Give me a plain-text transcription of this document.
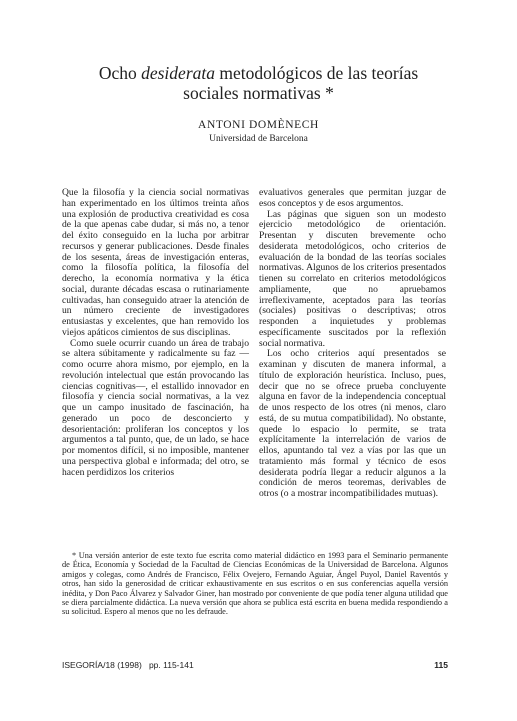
Ocho desiderata metodológicos de las teorías
sociales normativas *
ANTONI DOMÈNECH
Universidad de Barcelona

Que la filosofía y la ciencia social normativas han experimentado en los últimos treinta años una explosión de productiva creatividad es cosa de la que apenas cabe dudar, si más no, a tenor del éxito conseguido en la lucha por arbitrar recursos y generar publicaciones. Desde finales de los sesenta, áreas de investigación enteras, como la filosofía política, la filosofía del derecho, la economía normativa y la ética social, durante décadas escasa o rutinariamente cultivadas, han conseguido atraer la atención de un número creciente de investigadores entusiastas y excelentes, que han removido los viejos apáticos cimientos de sus disciplinas.

Como suele ocurrir cuando un área de trabajo se altera súbitamente y radicalmente su faz —como ocurre ahora mismo, por ejemplo, en la revolución intelectual que están provocando las ciencias cognitivas—, el estallido innovador en filosofía y ciencia social normativas, a la vez que un campo inusitado de fascinación, ha generado un poco de desconcierto y desorientación: proliferan los conceptos y los argumentos a tal punto, que, de un lado, se hace por momentos difícil, si no imposible, mantener una perspectiva global e informada; del otro, se hacen perdidizos los criterios

evaluativos generales que permitan juzgar de esos conceptos y de esos argumentos.

Las páginas que siguen son un modesto ejercicio metodológico de orientación. Presentan y discuten brevemente ocho desiderata metodológicos, ocho criterios de evaluación de la bondad de las teorías sociales normativas. Algunos de los criterios presentados tienen su correlato en criterios metodológicos ampliamente, que no apruebamos irreflexivamente, aceptados para las teorías (sociales) positivas o descriptivas; otros responden a inquietudes y problemas específicamente suscitados por la reflexión social normativa.

Los ocho criterios aquí presentados se examinan y discuten de manera informal, a título de exploración heurística. Incluso, pues, decir que no se ofrece prueba concluyente alguna en favor de la independencia conceptual de unos respecto de los otres (ni menos, claro está, de su mutua compatibilidad). No obstante, quede lo espacio lo permite, se trata explícitamente la interrelación de varios de ellos, apuntando tal vez a vías por las que un tratamiento más formal y técnico de esos desiderata podría llegar a reducir algunos a la condición de meros teoremas, derivables de otros (o a mostrar incompatibilidades mutuas).

* Una versión anterior de este texto fue escrita como material didáctico en 1993 para el Seminario permanente de Ética, Economía y Sociedad de la Facultad de Ciencias Económicas de la Universidad de Barcelona. Algunos amigos y colegas, como Andrés de Francisco, Félix Ovejero, Fernando Aguiar, Ángel Puyol, Daniel Raventós y otros, han sido la generosidad de criticar exhaustivamente en sus escritos o en sus conferencias aquella versión inédita, y Don Paco Álvarez y Salvador Giner, han mostrado por conveniente de que podía tener alguna utilidad que se diera parcialmente didáctica. La nueva versión que ahora se publica está escrita en buena medida respondiendo a su solicitud. Espero al menos que no les defraude.

ISEGORÍA/18 (1998) pp. 115-141	115
